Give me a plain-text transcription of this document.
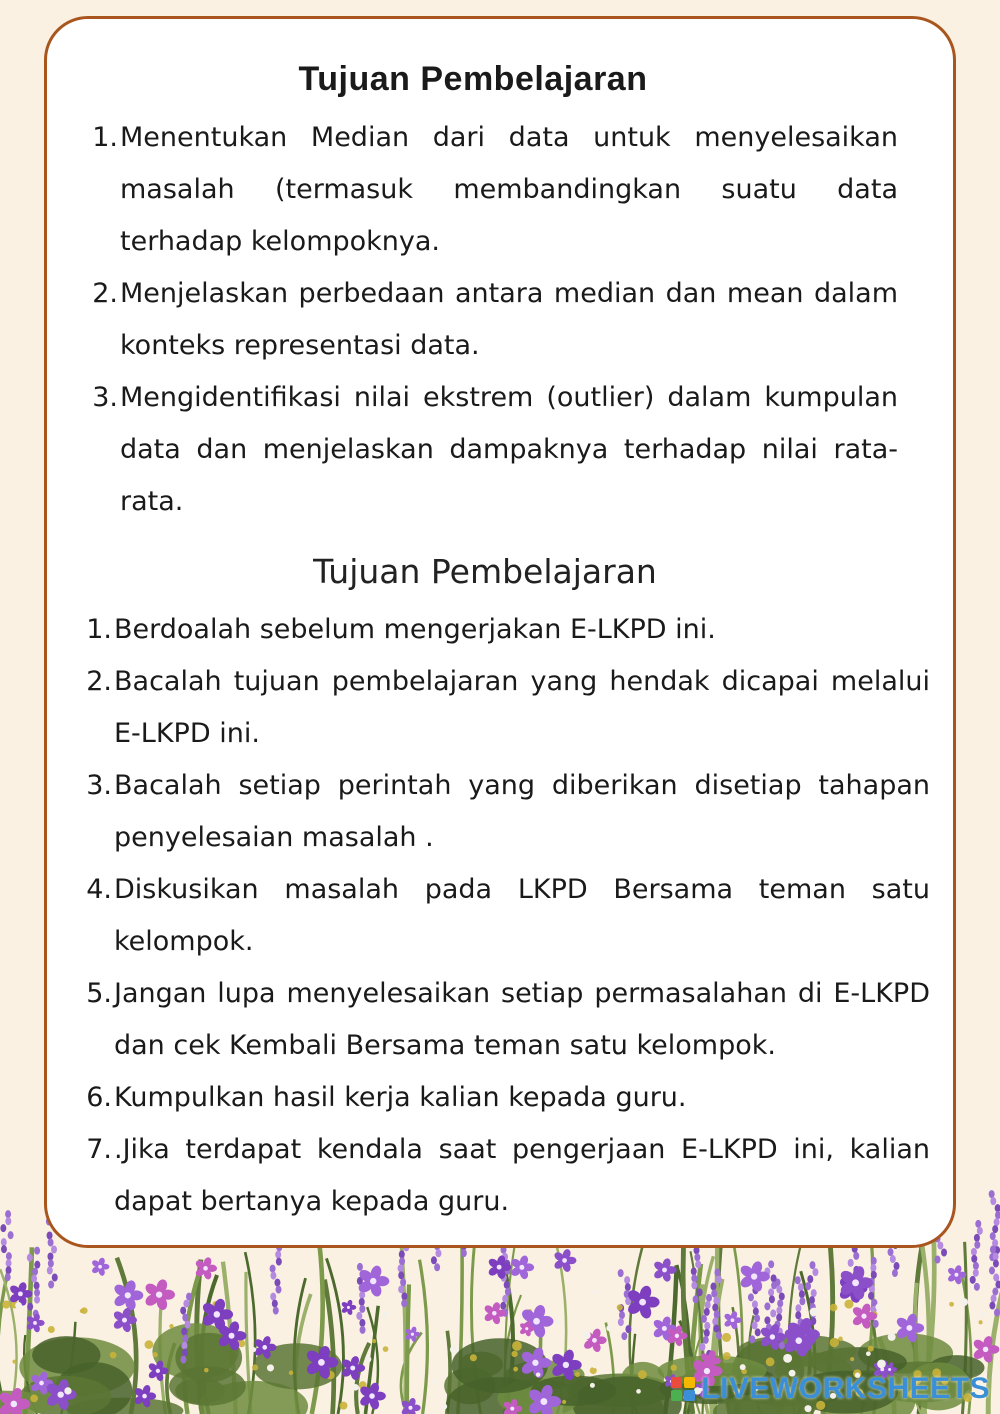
Tujuan Pembelajaran
1. Menentukan Median dari data untuk menyelesaikan masalah (termasuk membandingkan suatu data terhadap kelompoknya.
2. Menjelaskan perbedaan antara median dan mean dalam konteks representasi data.
3. Mengidentifikasi nilai ekstrem (outlier) dalam kumpulan data dan menjelaskan dampaknya terhadap nilai rata-rata.
Tujuan Pembelajaran
1. Berdoalah sebelum mengerjakan E-LKPD ini.
2. Bacalah tujuan pembelajaran yang hendak dicapai melalui E-LKPD ini.
3. Bacalah setiap perintah yang diberikan disetiap tahapan penyelesaian masalah .
4. Diskusikan masalah pada LKPD Bersama teman satu kelompok.
5. Jangan lupa menyelesaikan setiap permasalahan di E-LKPD dan cek Kembali Bersama teman satu kelompok.
6. Kumpulkan hasil kerja kalian kepada guru.
7. .Jika terdapat kendala saat pengerjaan E-LKPD ini, kalian dapat bertanya kepada guru.
LIVEWORKSHEETS
